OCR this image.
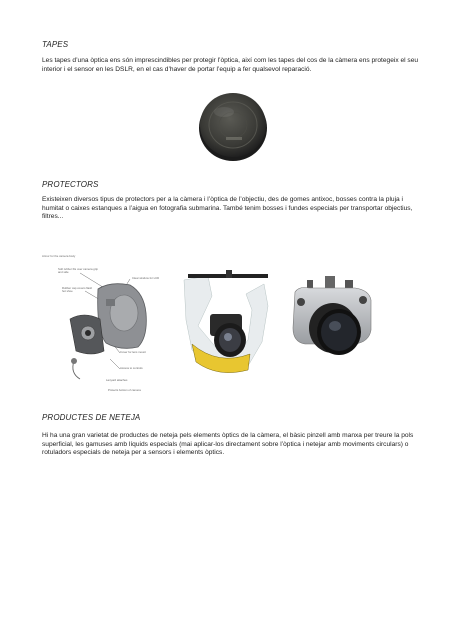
TAPES
Les tapes d’una òptica ens són imprescindibles per protegir l’òptica, així com les tapes del cos de la càmera ens protegeix el seu interior i el sensor en les DSLR, en el cas d’haver de portar l’equip a fer qualsevol reparació.
PROTECTORS
Existeixen diversos tipus de protectors per a la càmera i l’òptica de l’objectiu, des de gomes antixoc, bosses contra la pluja i humitat o caixes estanques a l’aigua en fotografia submarina. També tenim bosses i fundes especials per transportar objectius, filtres...
Armor for the camera body
Soft rubber fits over camera grip and side
Clear window for LCD
Rubber cap covers flash hot shoe
Cover for lens mount
Access to controls
Lanyard attaches
Protects bottom of camera
PRODUCTES DE NETEJA
Hi ha una gran varietat de productes de neteja pels elements òptics de la càmera, el bàsic pinzell amb manxa per treure la pols superficial, les gamuses amb líquids especials (mai aplicar-los directament sobre l’òptica i netejar amb moviments circulars) o rotuladors especials de neteja per a sensors i elements òptics.
